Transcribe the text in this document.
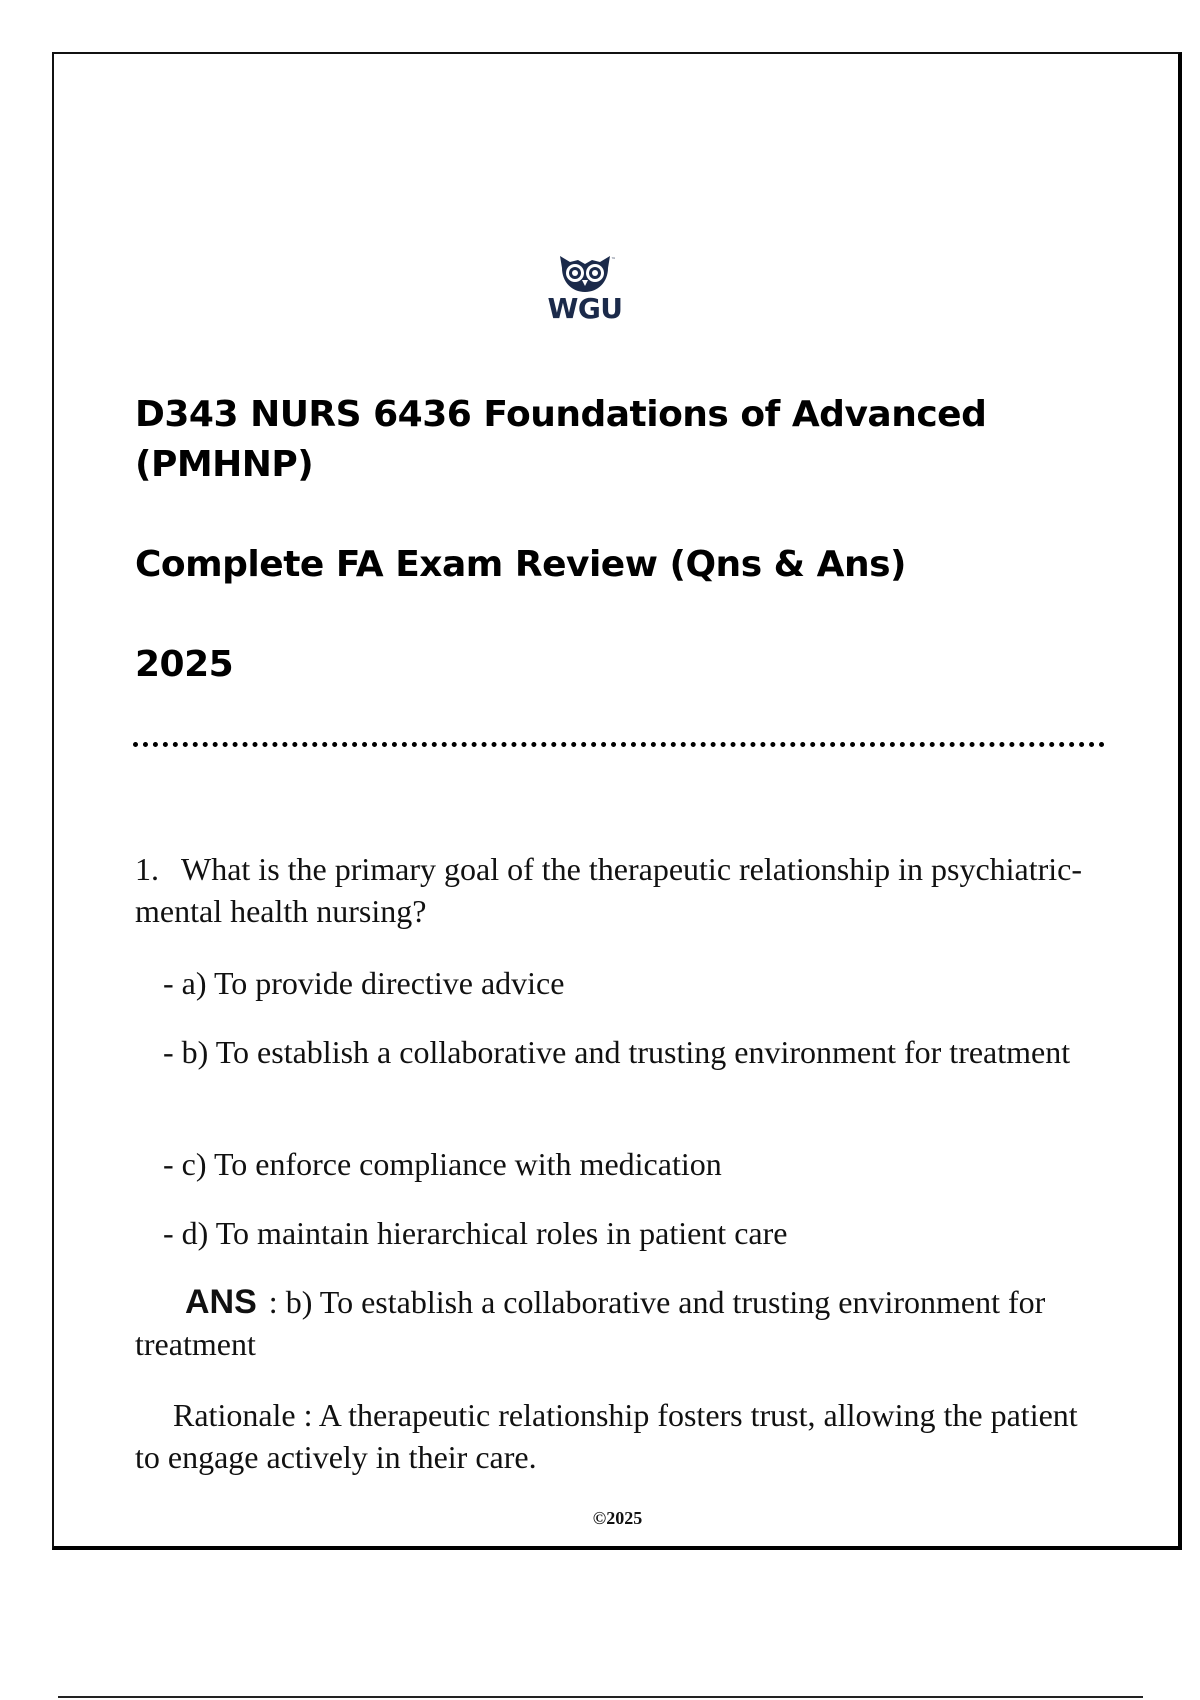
™
WGU
D343 NURS 6436 Foundations of Advanced (PMHNP)
Complete FA Exam Review (Qns & Ans)
2025
1. What is the primary goal of the therapeutic relationship in psychiatric-mental health nursing?
- a) To provide directive advice
- b) To establish a collaborative and trusting environment for treatment
- c) To enforce compliance with medication
- d) To maintain hierarchical roles in patient care
ANS : b) To establish a collaborative and trusting environment for treatment
Rationale : A therapeutic relationship fosters trust, allowing the patient to engage actively in their care.
©2025
